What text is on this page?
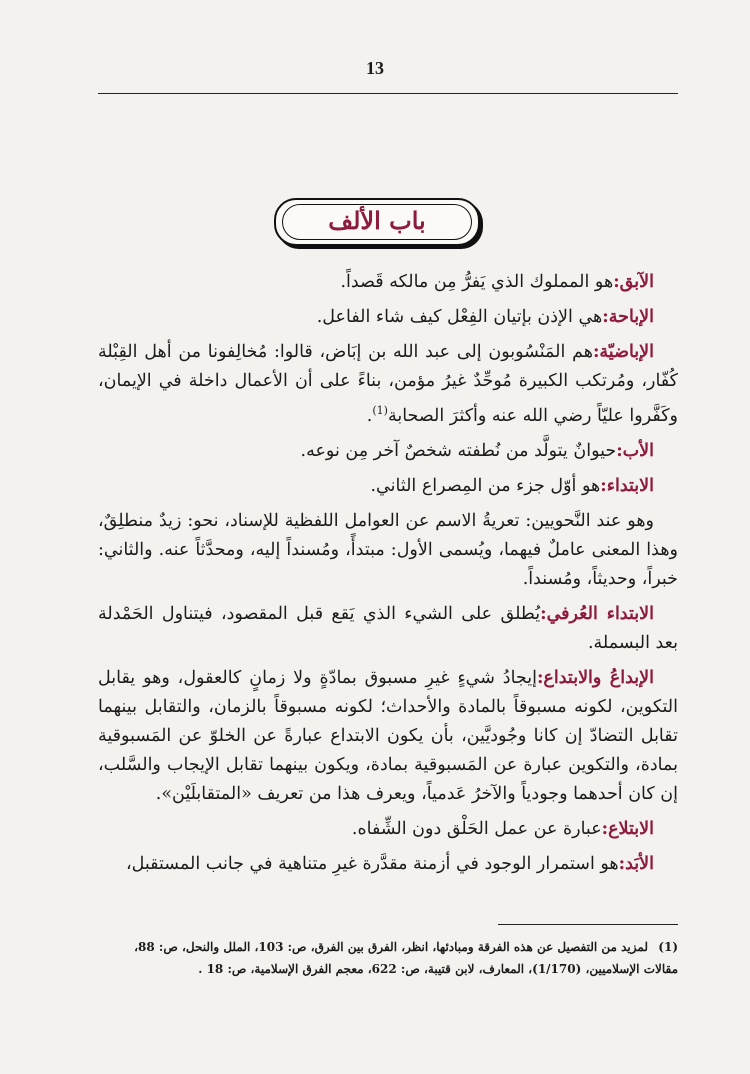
13
باب الألف

الآبق:هو المملوك الذي يَفرُّ مِن مالكه قَصداً.

الإباحة:هي الإذن بإتيان الفِعْل كيف شاء الفاعل.

الإباضيّة:هم المَنْسُوبون إلى عبد الله بن إبَاض، قالوا: مُخالِفونا من أهل القِبْلة كُفّار، ومُرتكب الكبيرة مُوحِّدٌ غيرُ مؤمن، بناءً على أن الأعمال داخلة في الإيمان، وكَفَّروا عليّاً رضي الله عنه وأكثرَ الصحابة$^{(1)}$.

الأب:حيوانٌ يتولَّد من نُطفته شخصٌ آخر مِن نوعه.

الابتداء:هو أوّل جزء من المِصراع الثاني.

وهو عند النَّحويين: تعريةُ الاسم عن العوامل اللفظية للإسناد، نحو: زيدٌ منطلِقٌ، وهذا المعنى عاملٌ فيهما، ويُسمى الأول: مبتدأً، ومُسنداً إليه، ومحدَّثاً عنه. والثاني: خبراً، وحديثاً، ومُسنداً.

الابتداء العُرفي:يُطلق على الشيء الذي يَقع قبل المقصود، فيتناول الحَمْدلة بعد البسملة.

الإبداعُ والابتداع:إيجادُ شيءٍ غيرِ مسبوق بمادّةٍ ولا زمانٍ كالعقول، وهو يقابل التكوين، لكونه مسبوقاً بالمادة والأحداث؛ لكونه مسبوقاً بالزمان، والتقابل بينهما تقابل التضادّ إن كانا وجُوديَّين، بأن يكون الابتداع عبارةً عن الخلوّ عن المَسبوقية بمادة، والتكوين عبارة عن المَسبوقية بمادة، ويكون بينهما تقابل الإيجاب والسَّلب، إن كان أحدهما وجودياً والآخرُ عَدمياً، ويعرف هذا من تعريف «المتقابلَيْن».

الابتلاع:عبارة عن عمل الحَلْق دون الشِّفاه.

الأبَد:هو استمرار الوجود في أزمنة مقدَّرة غيرِ متناهية في جانب المستقبل،

(1)لمزيد من التفصيل عن هذه الفرقة ومبادئها، انظر، الفرق بين الفرق، ص: 103، الملل والنحل، ص: 88، مقالات الإسلاميين، (1/170)، المعارف، لابن قتيبة، ص: 622، معجم الفرق الإسلامية، ص: 18 .
